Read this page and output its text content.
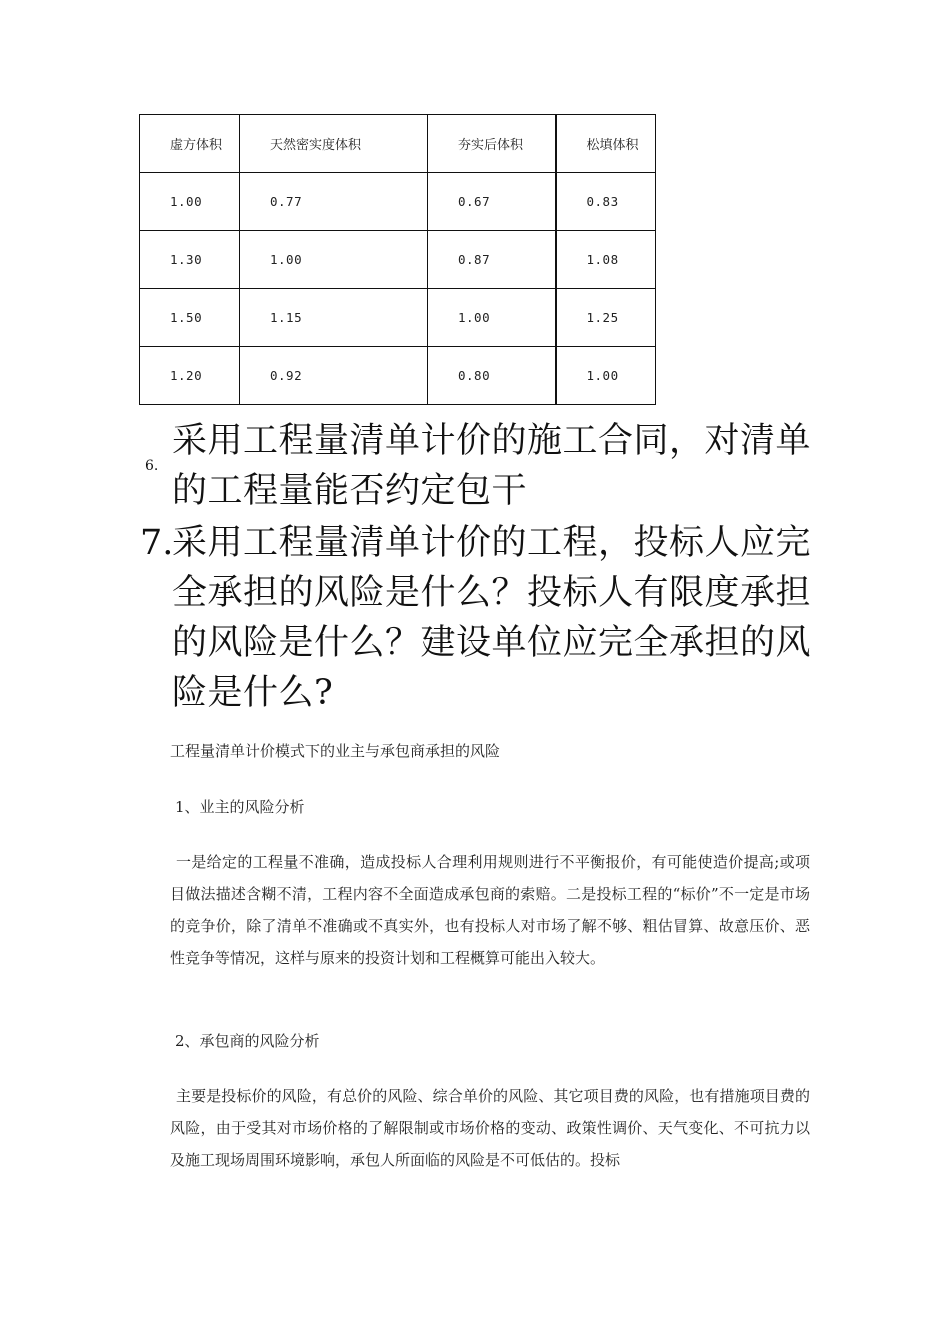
虚方体积	天然密实度体积	夯实后体积	松填体积
1.00	0.77	0.67	0.83
1.30	1.00	0.87	1.08
1.50	1.15	1.00	1.25
1.20	0.92	0.80	1.00
6.
采用工程量清单计价的施工合同，对清单的工程量能否约定包干
7.
采用工程量清单计价的工程，投标人应完全承担的风险是什么？投标人有限度承担的风险是什么？建设单位应完全承担的风险是什么?
工程量清单计价模式下的业主与承包商承担的风险
1、业主的风险分析
一是给定的工程量不准确，造成投标人合理利用规则进行不平衡报价，有可能使造价提高;或项目做法描述含糊不清，工程内容不全面造成承包商的索赔。二是投标工程的“标价”不一定是市场的竞争价，除了清单不准确或不真实外，也有投标人对市场了解不够、粗估冒算、故意压价、恶性竞争等情况，这样与原来的投资计划和工程概算可能出入较大。
2、承包商的风险分析
主要是投标价的风险，有总价的风险、综合单价的风险、其它项目费的风险，也有措施项目费的风险，由于受其对市场价格的了解限制或市场价格的变动、政策性调价、天气变化、不可抗力以及施工现场周围环境影响，承包人所面临的风险是不可低估的。投标
